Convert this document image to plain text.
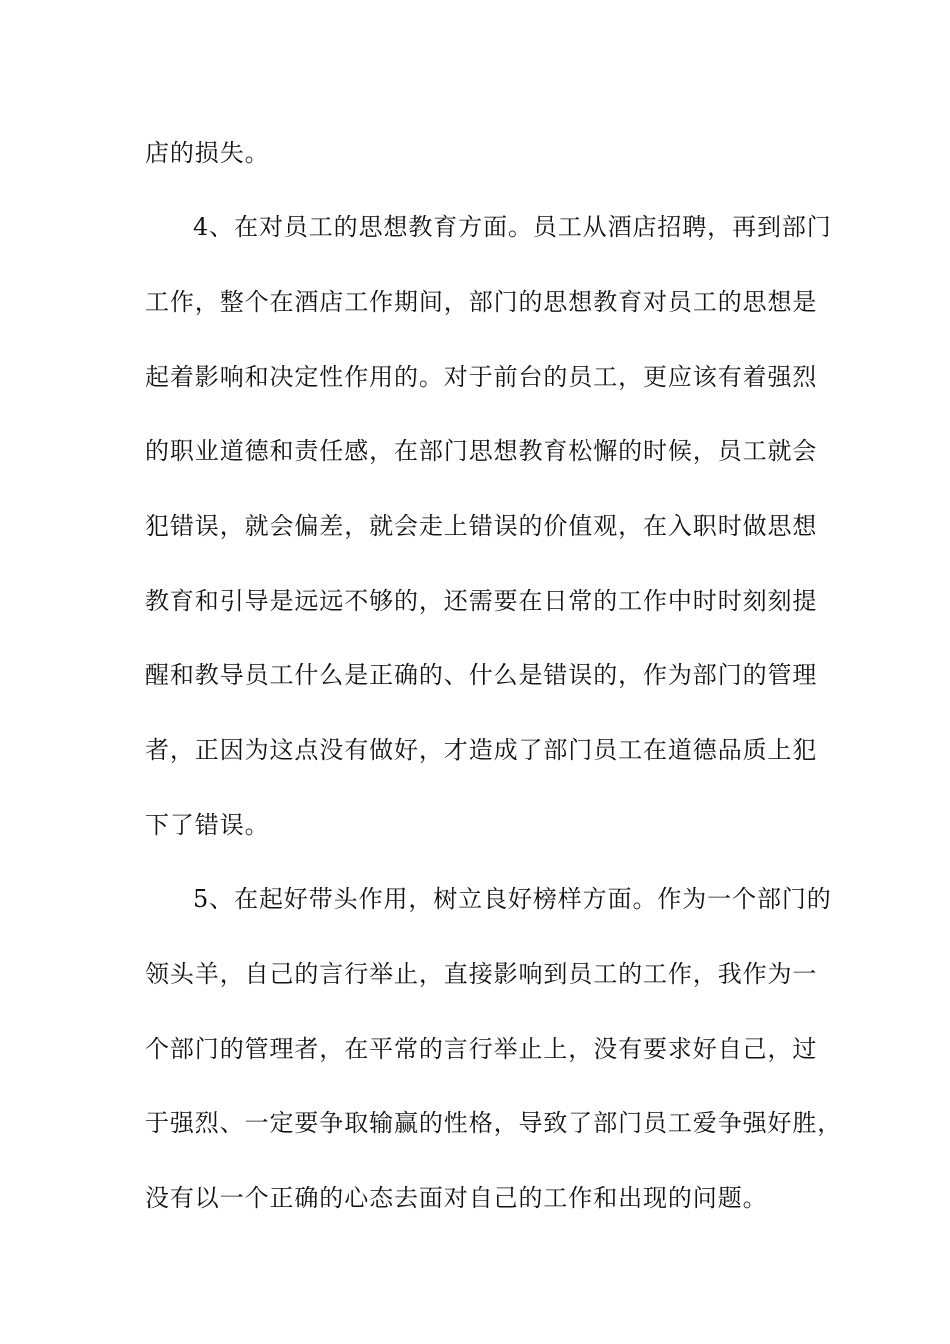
店的损失。
4、在对员工的思想教育方面。员工从酒店招聘，再到部门
工作，整个在酒店工作期间，部门的思想教育对员工的思想是
起着影响和决定性作用的。对于前台的员工，更应该有着强烈
的职业道德和责任感，在部门思想教育松懈的时候，员工就会
犯错误，就会偏差，就会走上错误的价值观，在入职时做思想
教育和引导是远远不够的，还需要在日常的工作中时时刻刻提
醒和教导员工什么是正确的、什么是错误的，作为部门的管理
者，正因为这点没有做好，才造成了部门员工在道德品质上犯
下了错误。
5、在起好带头作用，树立良好榜样方面。作为一个部门的
领头羊，自己的言行举止，直接影响到员工的工作，我作为一
个部门的管理者，在平常的言行举止上，没有要求好自己，过
于强烈、一定要争取输赢的性格，导致了部门员工爱争强好胜，
没有以一个正确的心态去面对自己的工作和出现的问题。
